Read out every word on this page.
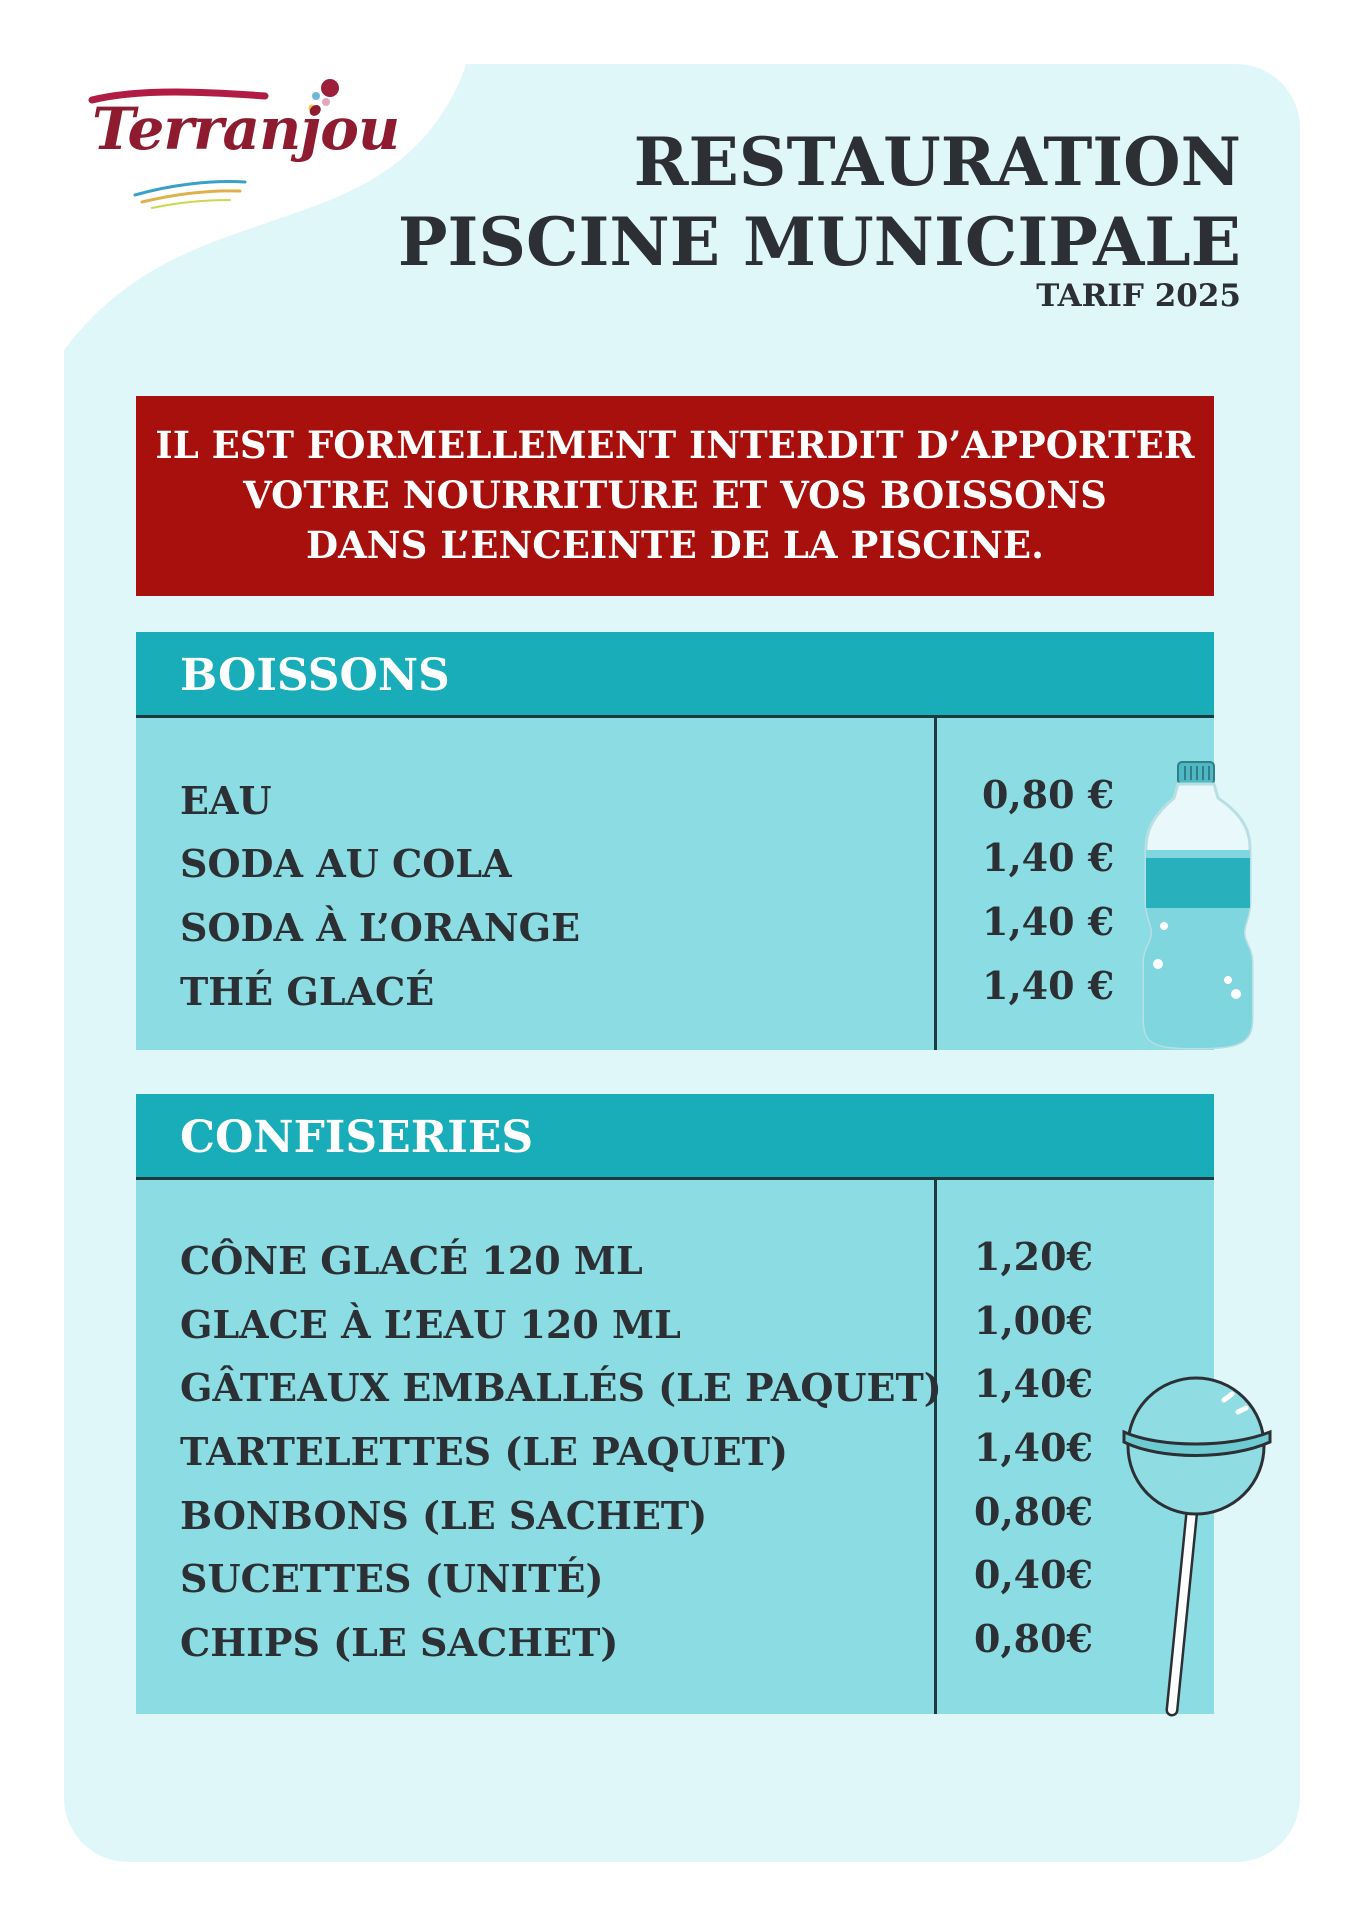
Terranjou	RESTAURATION
PISCINE MUNICIPALE
TARIF 2025
IL EST FORMELLEMENT INTERDIT D’APPORTER
VOTRE NOURRITURE ET VOS BOISSONS
DANS L’ENCEINTE DE LA PISCINE.
BOISSONS
EAU
SODA AU COLA
SODA À L’ORANGE
THÉ GLACÉ
0,80 €
1,40 €
1,40 €
1,40 €
CONFISERIES
CÔNE GLACÉ 120 ML
GLACE À L’EAU 120 ML
GÂTEAUX EMBALLÉS (LE PAQUET)
TARTELETTES (LE PAQUET)
BONBONS (LE SACHET)
SUCETTES (UNITÉ)
CHIPS (LE SACHET)
1,20€
1,00€
1,40€
1,40€
0,80€
0,40€
0,80€
